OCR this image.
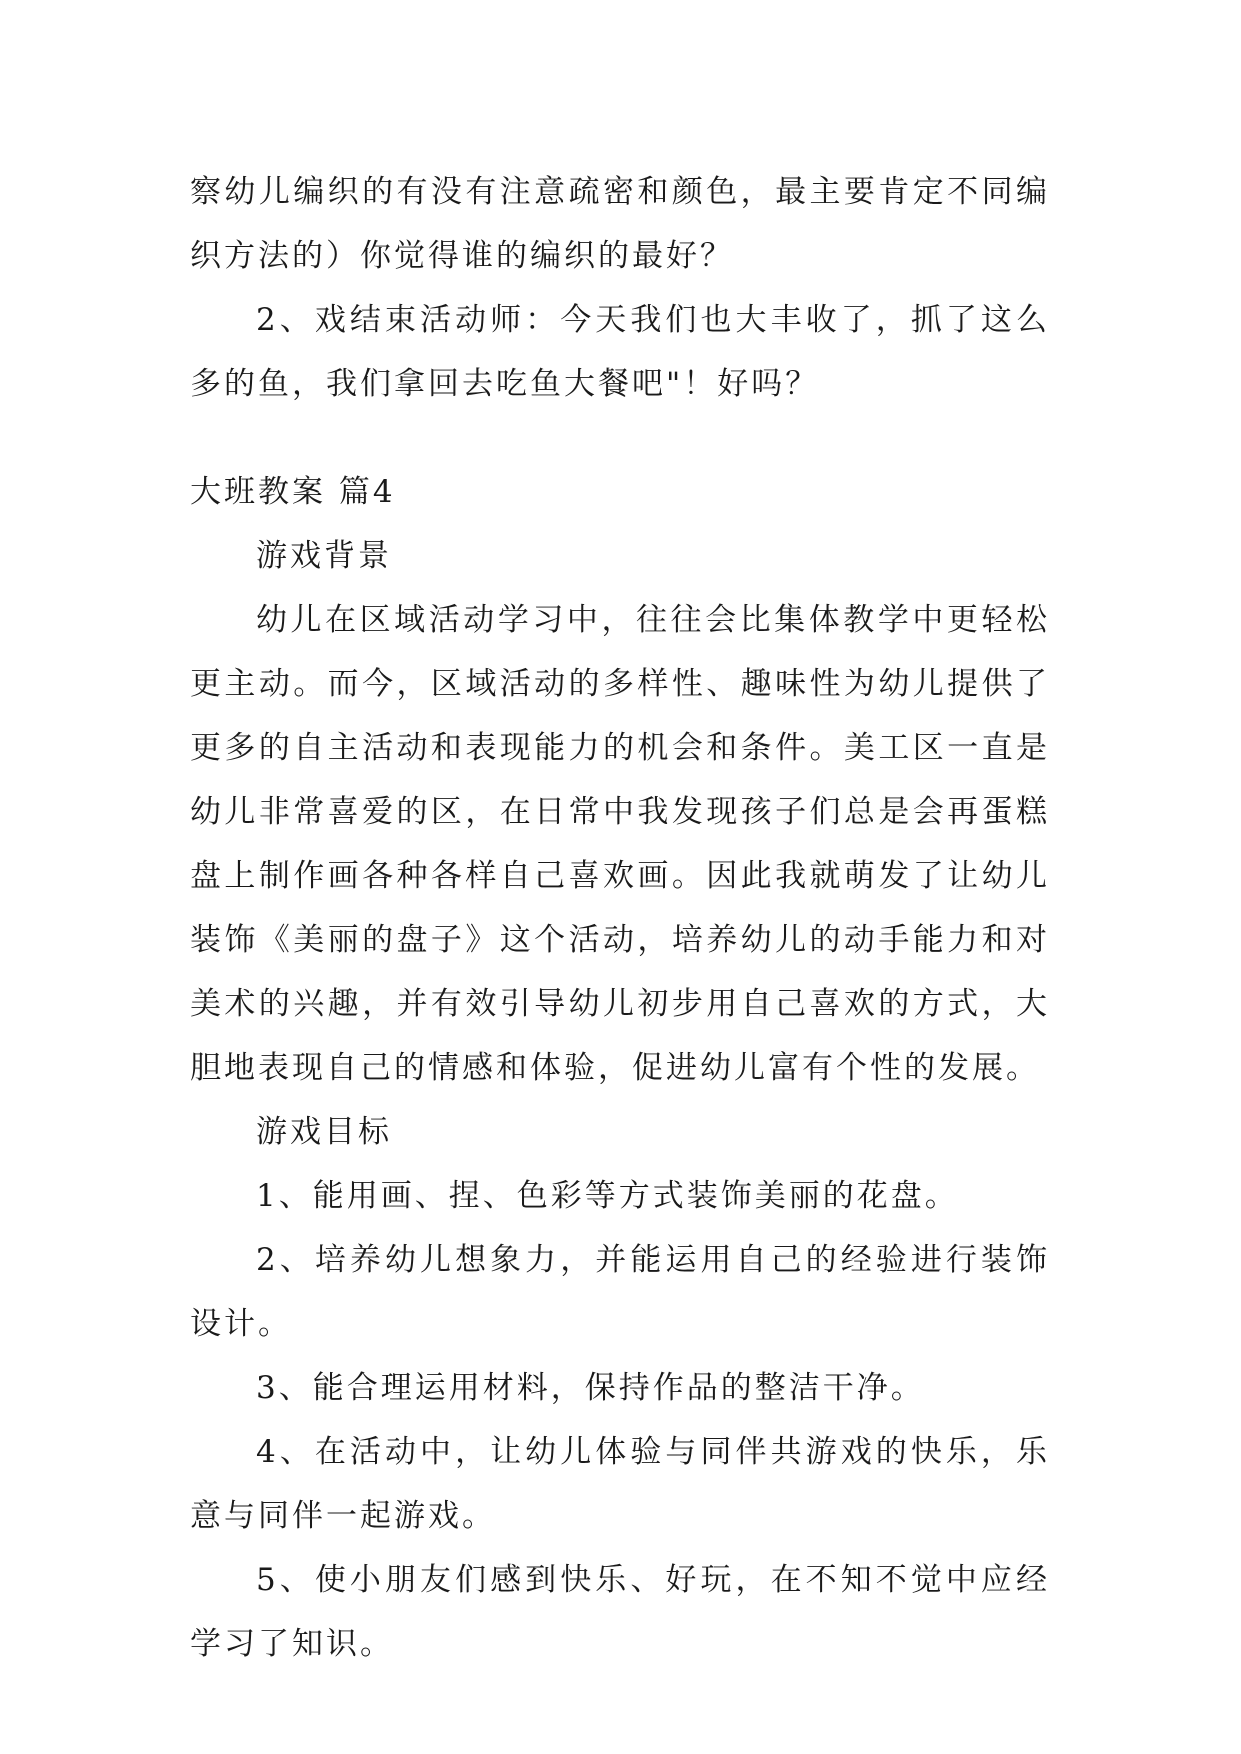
察幼儿编织的有没有注意疏密和颜色，最主要肯定不同编织方法的）你觉得谁的编织的最好？

2、戏结束活动师：今天我们也大丰收了，抓了这么多的鱼，我们拿回去吃鱼大餐吧"！好吗？

大班教案 篇4

游戏背景

幼儿在区域活动学习中，往往会比集体教学中更轻松更主动。而今，区域活动的多样性、趣味性为幼儿提供了更多的自主活动和表现能力的机会和条件。美工区一直是幼儿非常喜爱的区，在日常中我发现孩子们总是会再蛋糕盘上制作画各种各样自己喜欢画。因此我就萌发了让幼儿装饰《美丽的盘子》这个活动，培养幼儿的动手能力和对美术的兴趣，并有效引导幼儿初步用自己喜欢的方式，大胆地表现自己的情感和体验，促进幼儿富有个性的发展。

游戏目标

1、能用画、捏、色彩等方式装饰美丽的花盘。

2、培养幼儿想象力，并能运用自己的经验进行装饰设计。

3、能合理运用材料，保持作品的整洁干净。

4、在活动中，让幼儿体验与同伴共游戏的快乐，乐意与同伴一起游戏。

5、使小朋友们感到快乐、好玩，在不知不觉中应经学习了知识。
